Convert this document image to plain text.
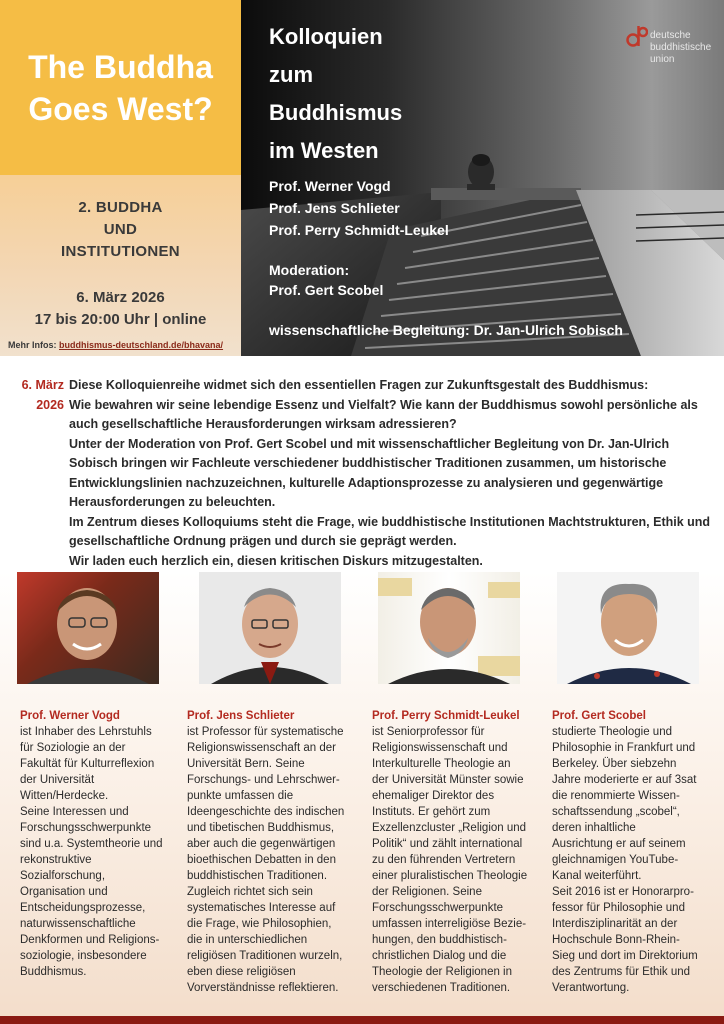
The Buddha
Goes West?
2. BUDDHA
UND
INSTITUTIONEN
6. März 2026
17 bis 20:00 Uhr | online
Mehr Infos: buddhismus-deutschland.de/bhavana/
Kolloquien
zum
Buddhismus
im Westen
Prof. Werner Vogd
Prof. Jens Schlieter
Prof. Perry Schmidt-Leukel
Moderation:
Prof. Gert Scobel
wissenschaftliche Begleitung: Dr. Jan-Ulrich Sobisch
deutsche
buddhistische
union
6. März
2026
Diese Kolloquienreihe widmet sich den essentiellen Fragen zur Zukunftsgestalt des Buddhismus:
Wie bewahren wir seine lebendige Essenz und Vielfalt? Wie kann der Buddhismus sowohl persönliche als auch gesellschaftliche Herausforderungen wirksam adressieren?
Unter der Moderation von Prof. Gert Scobel und mit wissenschaftlicher Begleitung von Dr. Jan-Ulrich Sobisch bringen wir Fachleute verschiedener buddhistischer Traditionen zusammen, um historische Entwicklungslinien nachzuzeichnen, kulturelle Adaptionsprozesse zu analysieren und gegenwärtige Herausforderungen zu beleuchten.
Im Zentrum dieses Kolloquiums steht die Frage, wie buddhistische Institutionen Machtstrukturen, Ethik und gesellschaftliche Ordnung prägen und durch sie geprägt werden.
Wir laden euch herzlich ein, diesen kritischen Diskurs mitzugestalten.
Prof. Werner Vogd
ist Inhaber des Lehrstuhls
für Soziologie an der
Fakultät für Kulturreflexion
der Universität
Witten/Herdecke.
Seine Interessen und
Forschungsschwerpunkte
sind u.a. Systemtheorie und
rekonstruktive
Sozialforschung,
Organisation und
Entscheidungsprozesse,
naturwissenschaftliche
Denkformen und Religions-
soziologie, insbesondere
Buddhismus.
Prof. Jens Schlieter
ist Professor für systematische
Religionswissenschaft an der
Universität Bern. Seine
Forschungs- und Lehrschwer-
punkte umfassen die
Ideengeschichte des indischen
und tibetischen Buddhismus,
aber auch die gegenwärtigen
bioethischen Debatten in den
buddhistischen Traditionen.
Zugleich richtet sich sein
systematisches Interesse auf
die Frage, wie Philosophien,
die in unterschiedlichen
religiösen Traditionen wurzeln,
eben diese religiösen
Vorverständnisse reflektieren.
Prof. Perry Schmidt-Leukel
ist Seniorprofessor für
Religionswissenschaft und
Interkulturelle Theologie an
der Universität Münster sowie
ehemaliger Direktor des
Instituts. Er gehört zum
Exzellenzcluster „Religion und
Politik“ und zählt international
zu den führenden Vertretern
einer pluralistischen Theologie
der Religionen. Seine
Forschungsschwerpunkte
umfassen interreligiöse Bezie-
hungen, den buddhistisch-
christlichen Dialog und die
Theologie der Religionen in
verschiedenen Traditionen.
Prof. Gert Scobel
studierte Theologie und
Philosophie in Frankfurt und
Berkeley. Über siebzehn
Jahre moderierte er auf 3sat
die renommierte Wissen-
schaftssendung „scobel“,
deren inhaltliche
Ausrichtung er auf seinem
gleichnamigen YouTube-
Kanal weiterführt.
Seit 2016 ist er Honorarpro-
fessor für Philosophie und
Interdisziplinarität an der
Hochschule Bonn-Rhein-
Sieg und dort im Direktorium
des Zentrums für Ethik und
Verantwortung.
